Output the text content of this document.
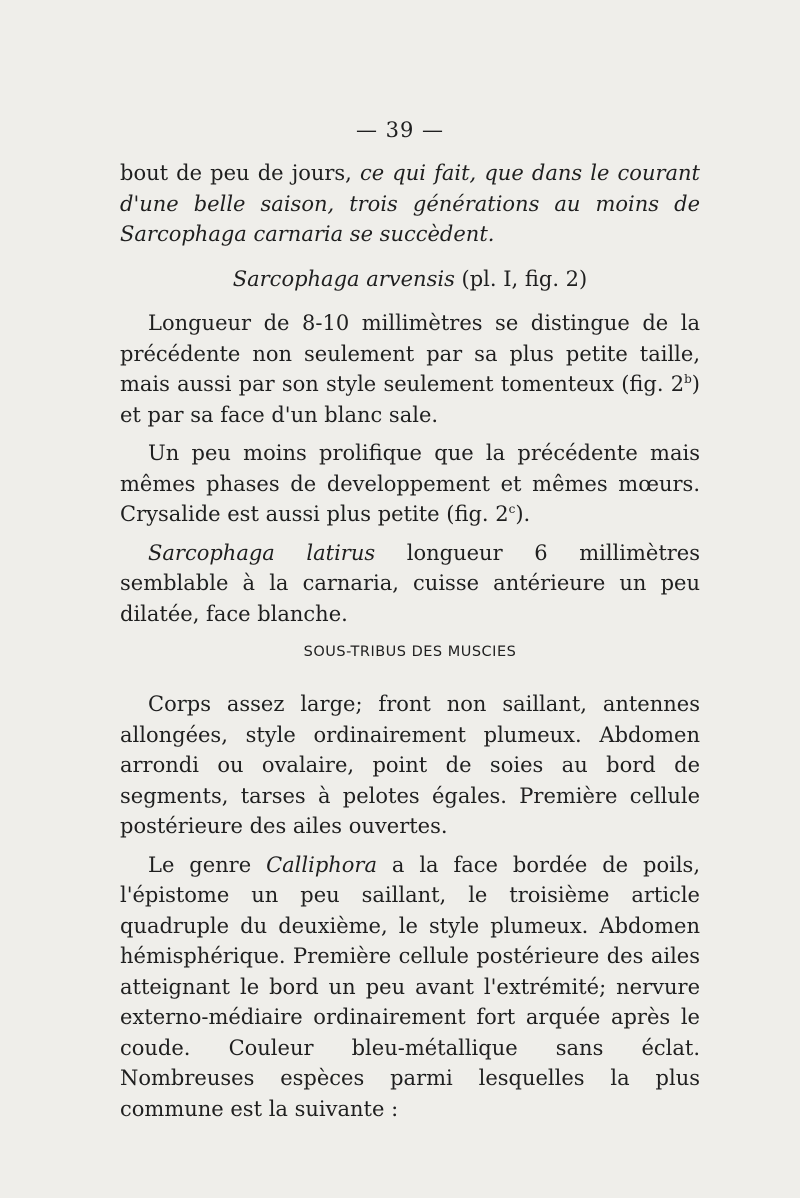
— 39 —

bout de peu de jours, ce qui fait, que dans le courant d'une belle saison, trois générations au moins de Sarcophaga carnaria se succèdent.

Sarcophaga arvensis (pl. I, fig. 2)

Longueur de 8-10 millimètres se distingue de la précédente non seulement par sa plus petite taille, mais aussi par son style seulement tomenteux (fig. 2$^b$) et par sa face d'un blanc sale.

Un peu moins prolifique que la précédente mais mêmes phases de developpement et mêmes mœurs. Crysalide est aussi plus petite (fig. 2$^c$).

Sarcophaga latirus longueur 6 millimètres semblable à la carnaria, cuisse antérieure un peu dilatée, face blanche.

SOUS-TRIBUS DES MUSCIES

Corps assez large; front non saillant, antennes allongées, style ordinairement plumeux. Abdomen arrondi ou ovalaire, point de soies au bord de segments, tarses à pelotes égales. Première cellule postérieure des ailes ouvertes.

Le genre Calliphora a la face bordée de poils, l'épistome un peu saillant, le troisième article quadruple du deuxième, le style plumeux. Abdomen hémisphérique. Première cellule postérieure des ailes atteignant le bord un peu avant l'extrémité; nervure externo-médiaire ordinairement fort arquée après le coude. Couleur bleu-métallique sans éclat. Nombreuses espèces parmi lesquelles la plus commune est la suivante :
